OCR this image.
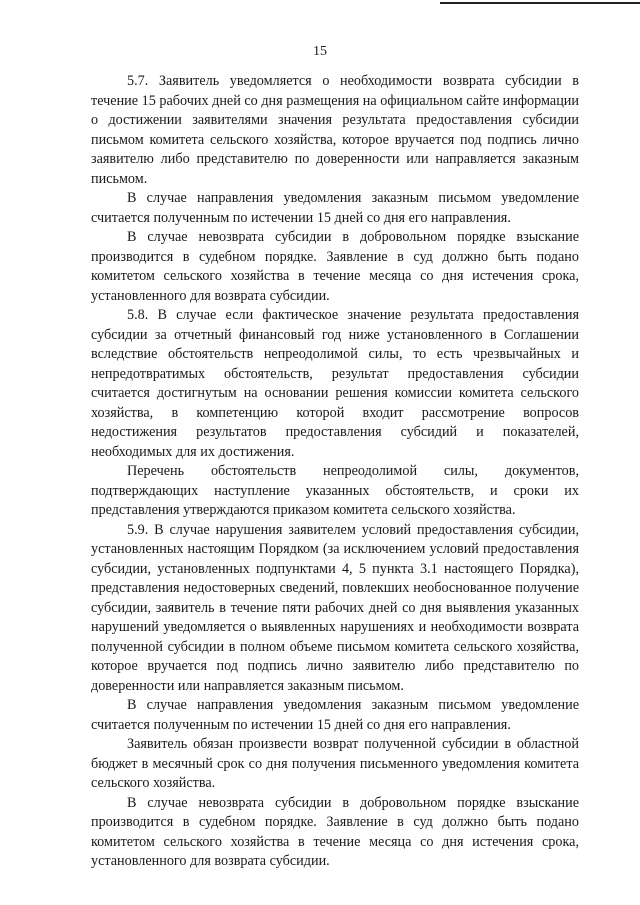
15

5.7. Заявитель уведомляется о необходимости возврата субсидии в течение 15 рабочих дней со дня размещения на официальном сайте информации о достижении заявителями значения результата предоставления субсидии письмом комитета сельского хозяйства, которое вручается под подпись лично заявителю либо представителю по доверенности или направляется заказным письмом.

В случае направления уведомления заказным письмом уведомление считается полученным по истечении 15 дней со дня его направления.

В случае невозврата субсидии в добровольном порядке взыскание производится в судебном порядке. Заявление в суд должно быть подано комитетом сельского хозяйства в течение месяца со дня истечения срока, установленного для возврата субсидии.

5.8. В случае если фактическое значение результата предоставления субсидии за отчетный финансовый год ниже установленного в Соглашении вследствие обстоятельств непреодолимой силы, то есть чрезвычайных и непредотвратимых обстоятельств, результат предоставления субсидии считается достигнутым на основании решения комиссии комитета сельского хозяйства, в компетенцию которой входит рассмотрение вопросов недостижения результатов предоставления субсидий и показателей, необходимых для их достижения.

Перечень обстоятельств непреодолимой силы, документов, подтверждающих наступление указанных обстоятельств, и сроки их представления утверждаются приказом комитета сельского хозяйства.

5.9. В случае нарушения заявителем условий предоставления субсидии, установленных настоящим Порядком (за исключением условий предоставления субсидии, установленных подпунктами 4, 5 пункта 3.1 настоящего Порядка), представления недостоверных сведений, повлекших необоснованное получение субсидии, заявитель в течение пяти рабочих дней со дня выявления указанных нарушений уведомляется о выявленных нарушениях и необходимости возврата полученной субсидии в полном объеме письмом комитета сельского хозяйства, которое вручается под подпись лично заявителю либо представителю по доверенности или направляется заказным письмом.

В случае направления уведомления заказным письмом уведомление считается полученным по истечении 15 дней со дня его направления.

Заявитель обязан произвести возврат полученной субсидии в областной бюджет в месячный срок со дня получения письменного уведомления комитета сельского хозяйства.

В случае невозврата субсидии в добровольном порядке взыскание производится в судебном порядке. Заявление в суд должно быть подано комитетом сельского хозяйства в течение месяца со дня истечения срока, установленного для возврата субсидии.
